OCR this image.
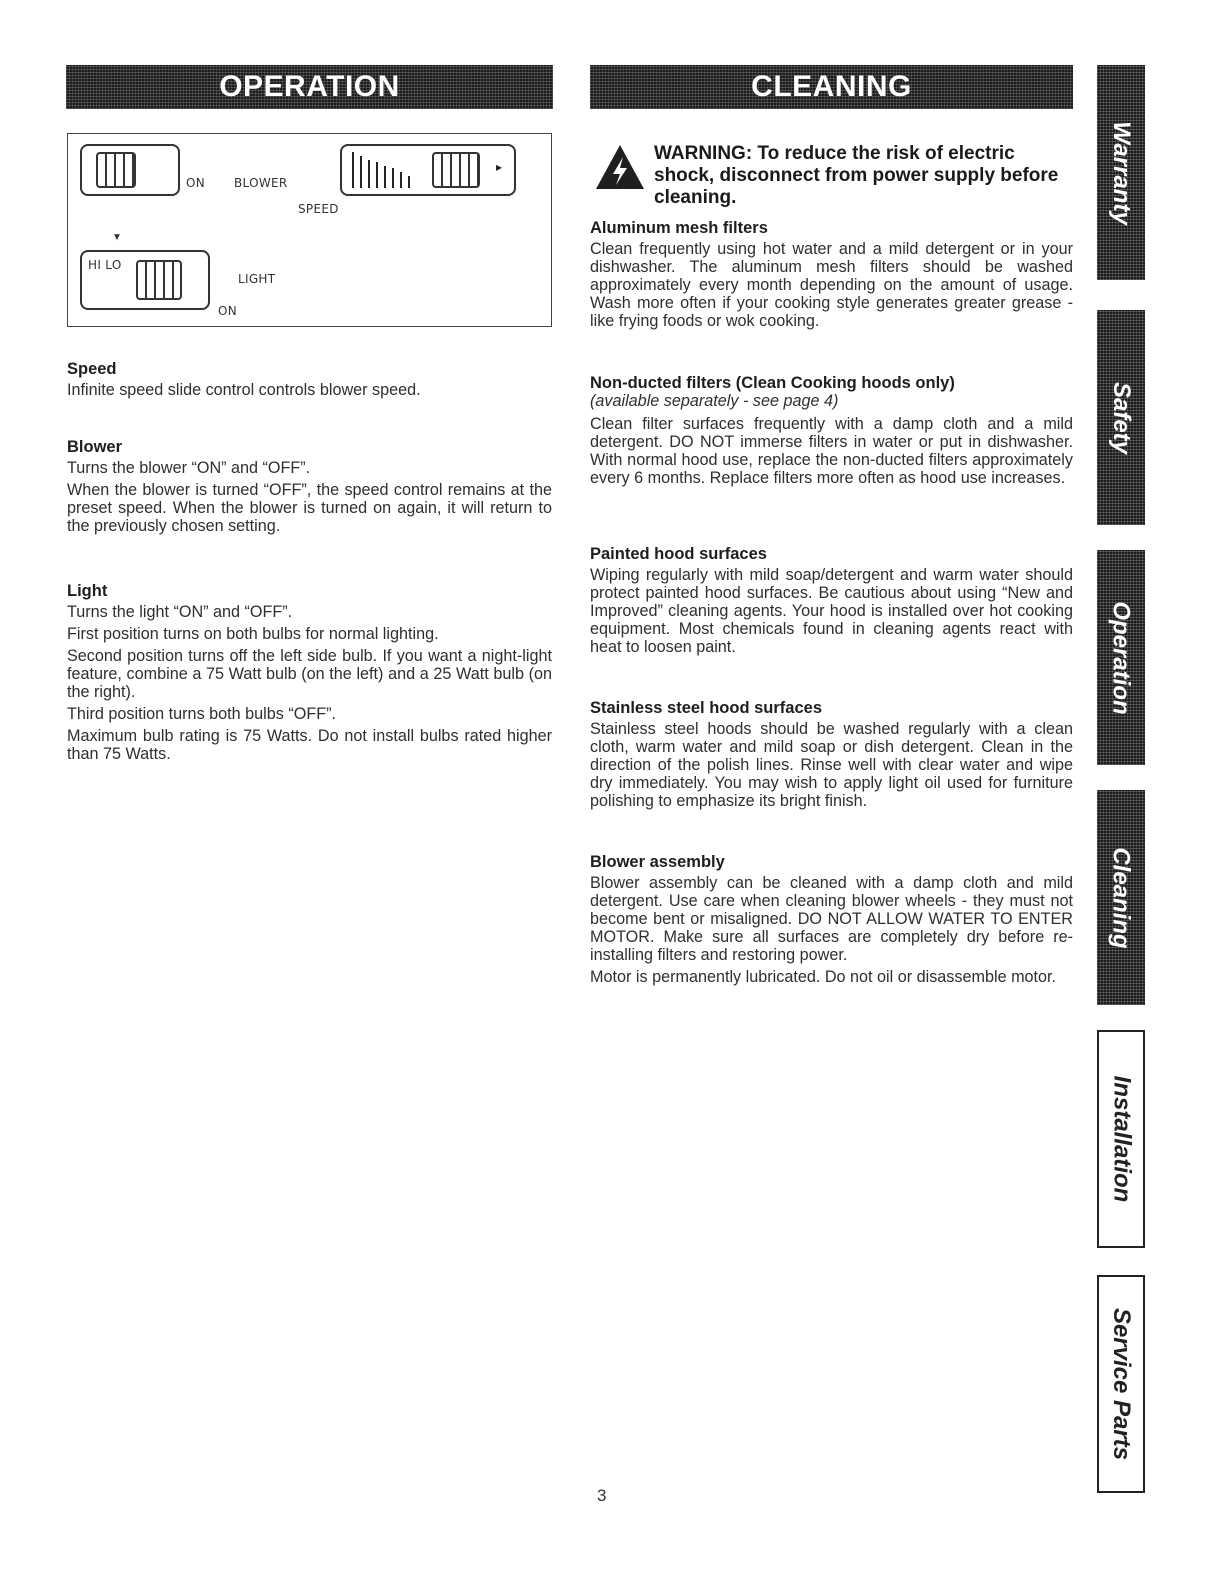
OPERATION
ON BLOWER
SPEED
▸
▼
HI LO
LIGHT
ON
Speed

Infinite speed slide control controls blower speed.

Blower

Turns the blower “ON” and “OFF”.

When the blower is turned “OFF”, the speed control remains at the preset speed. When the blower is turned on again, it will return to the previously chosen setting.

Light

Turns the light “ON” and “OFF”.

First position turns on both bulbs for normal lighting.

Second position turns off the left side bulb. If you want a night-light feature, combine a 75 Watt bulb (on the left) and a 25 Watt bulb (on the right).

Third position turns both bulbs “OFF”.

Maximum bulb rating is 75 Watts. Do not install bulbs rated higher than 75 Watts.

CLEANING
WARNING: To reduce the risk of electric shock, disconnect from power supply before cleaning.
Aluminum mesh filters

Clean frequently using hot water and a mild detergent or in your dishwasher. The aluminum mesh filters should be washed approximately every month depending on the amount of usage. Wash more often if your cooking style generates greater grease - like frying foods or wok cooking.

Non-ducted filters (Clean Cooking hoods only)

(available separately - see page 4)

Clean filter surfaces frequently with a damp cloth and a mild detergent. DO NOT immerse filters in water or put in dishwasher. With normal hood use, replace the non-ducted filters approximately every 6 months. Replace filters more often as hood use increases.

Painted hood surfaces

Wiping regularly with mild soap/detergent and warm water should protect painted hood surfaces. Be cautious about using “New and Improved” cleaning agents. Your hood is installed over hot cooking equipment. Most chemicals found in cleaning agents react with heat to loosen paint.

Stainless steel hood surfaces

Stainless steel hoods should be washed regularly with a clean cloth, warm water and mild soap or dish detergent. Clean in the direction of the polish lines. Rinse well with clear water and wipe dry immediately. You may wish to apply light oil used for furniture polishing to emphasize its bright finish.

Blower assembly

Blower assembly can be cleaned with a damp cloth and mild detergent. Use care when cleaning blower wheels - they must not become bent or misaligned. DO NOT ALLOW WATER TO ENTER MOTOR. Make sure all surfaces are completely dry before re-installing filters and restoring power.

Motor is permanently lubricated. Do not oil or disassemble motor.

Warranty
Safety
Operation
Cleaning
Installation
Service Parts
3
